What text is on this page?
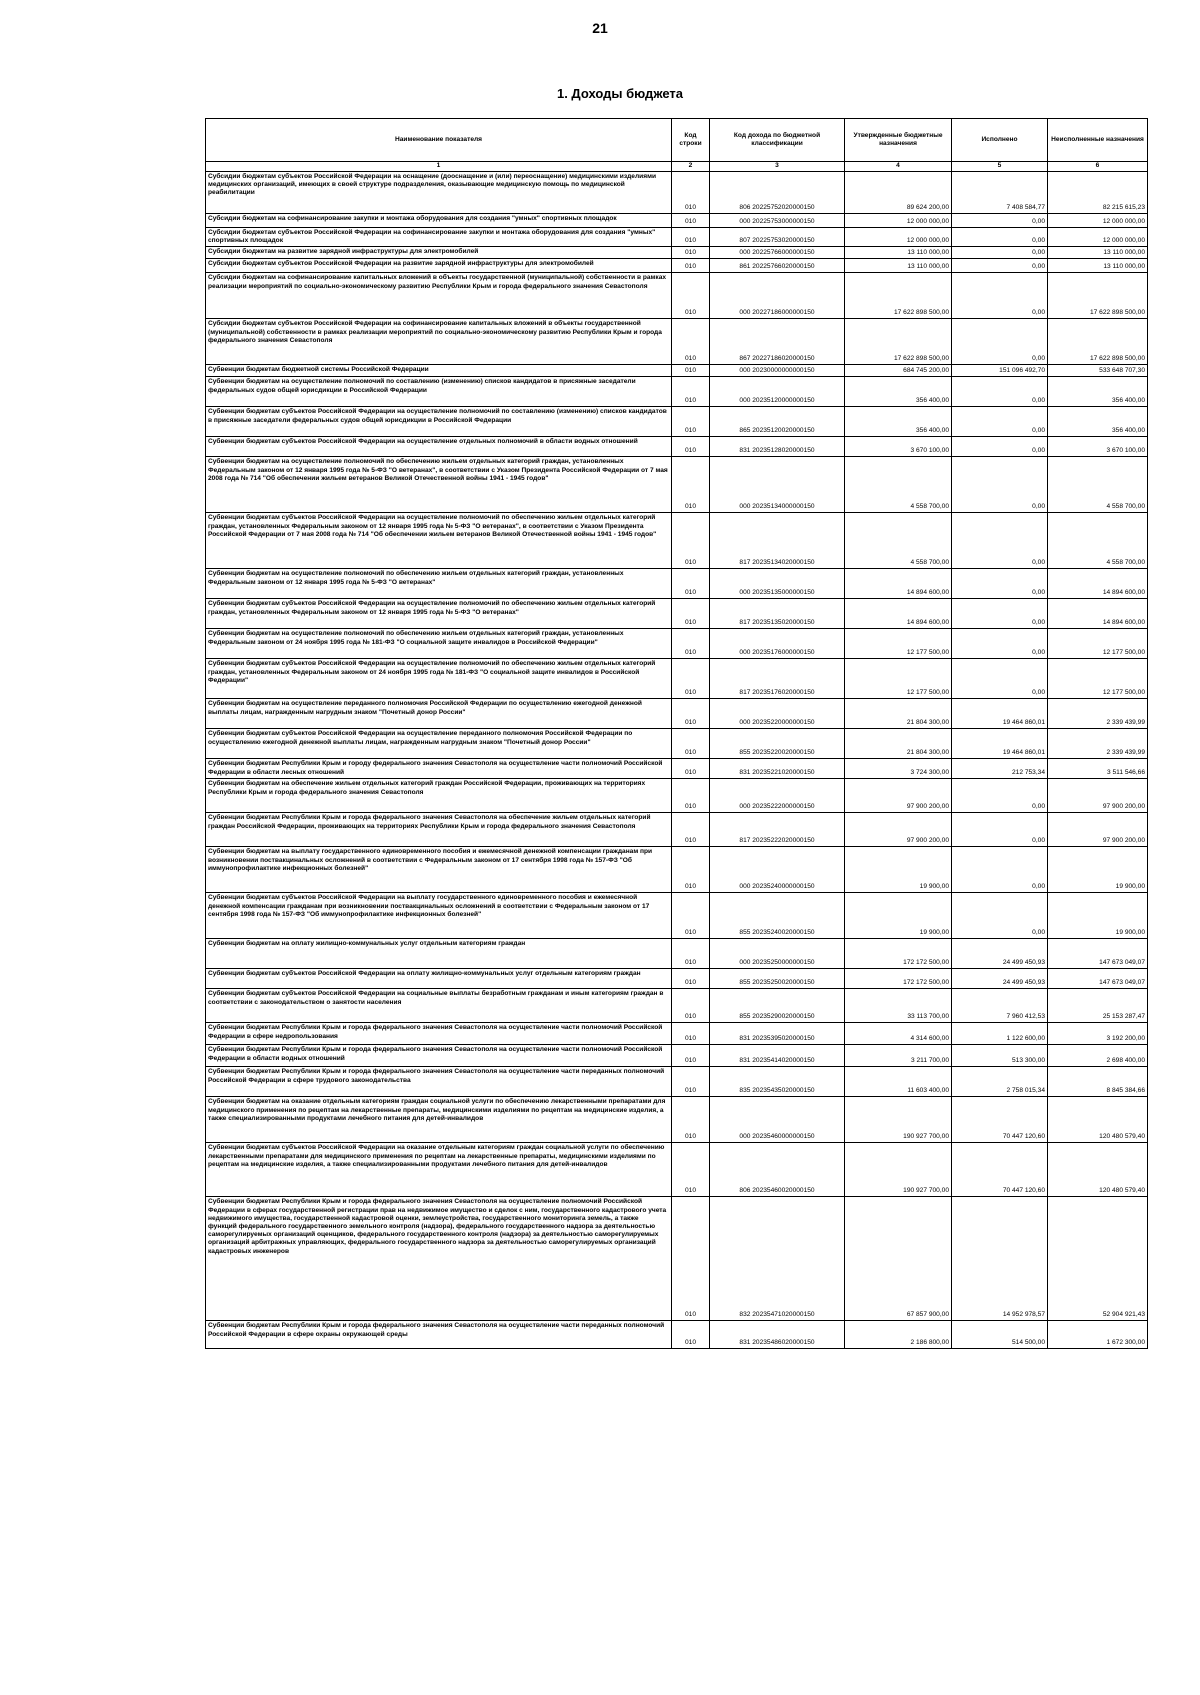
21
1. Доходы бюджета
Наименование показателя	Код строки	Код дохода по бюджетной классификации	Утвержденные бюджетные назначения	Исполнено	Неисполненные назначения
1	2	3	4	5	6
Субсидии бюджетам субъектов Российской Федерации на оснащение (дооснащение и (или) переоснащение) медицинскими изделиями медицинских организаций, имеющих в своей структуре подразделения, оказывающие медицинскую помощь по медицинской реабилитации	010	806 20225752020000150	89 624 200,00	7 408 584,77	82 215 615,23
Субсидии бюджетам на софинансирование закупки и монтажа оборудования для создания "умных" спортивных площадок	010	000 20225753000000150	12 000 000,00	0,00	12 000 000,00
Субсидии бюджетам субъектов Российской Федерации на софинансирование закупки и монтажа оборудования для создания "умных" спортивных площадок	010	807 20225753020000150	12 000 000,00	0,00	12 000 000,00
Субсидии бюджетам на развитие зарядной инфраструктуры для электромобилей	010	000 20225766000000150	13 110 000,00	0,00	13 110 000,00
Субсидии бюджетам субъектов Российской Федерации на развитие зарядной инфраструктуры для электромобилей	010	861 20225766020000150	13 110 000,00	0,00	13 110 000,00
Субсидии бюджетам на софинансирование капитальных вложений в объекты государственной (муниципальной) собственности в рамках реализации мероприятий по социально-экономическому развитию Республики Крым и города федерального значения Севастополя	010	000 20227186000000150	17 622 898 500,00	0,00	17 622 898 500,00
Субсидии бюджетам субъектов Российской Федерации на софинансирование капитальных вложений в объекты государственной (муниципальной) собственности в рамках реализации мероприятий по социально-экономическому развитию Республики Крым и города федерального значения Севастополя	010	867 20227186020000150	17 622 898 500,00	0,00	17 622 898 500,00
Субвенции бюджетам бюджетной системы Российской Федерации	010	000 20230000000000150	684 745 200,00	151 096 492,70	533 648 707,30
Субвенции бюджетам на осуществление полномочий по составлению (изменению) списков кандидатов в присяжные заседатели федеральных судов общей юрисдикции в Российской Федерации	010	000 20235120000000150	356 400,00	0,00	356 400,00
Субвенции бюджетам субъектов Российской Федерации на осуществление полномочий по составлению (изменению) списков кандидатов в присяжные заседатели федеральных судов общей юрисдикции в Российской Федерации	010	865 20235120020000150	356 400,00	0,00	356 400,00
Субвенции бюджетам субъектов Российской Федерации на осуществление отдельных полномочий в области водных отношений	010	831 20235128020000150	3 670 100,00	0,00	3 670 100,00
Субвенции бюджетам на осуществление полномочий по обеспечению жильем отдельных категорий граждан, установленных Федеральным законом от 12 января 1995 года № 5-ФЗ "О ветеранах", в соответствии с Указом Президента Российской Федерации от 7 мая 2008 года № 714 "Об обеспечении жильем ветеранов Великой Отечественной войны 1941 - 1945 годов"	010	000 20235134000000150	4 558 700,00	0,00	4 558 700,00
Субвенции бюджетам субъектов Российской Федерации на осуществление полномочий по обеспечению жильем отдельных категорий граждан, установленных Федеральным законом от 12 января 1995 года № 5-ФЗ "О ветеранах", в соответствии с Указом Президента Российской Федерации от 7 мая 2008 года № 714 "Об обеспечении жильем ветеранов Великой Отечественной войны 1941 - 1945 годов"	010	817 20235134020000150	4 558 700,00	0,00	4 558 700,00
Субвенции бюджетам на осуществление полномочий по обеспечению жильем отдельных категорий граждан, установленных Федеральным законом от 12 января 1995 года № 5-ФЗ "О ветеранах"	010	000 20235135000000150	14 894 600,00	0,00	14 894 600,00
Субвенции бюджетам субъектов Российской Федерации на осуществление полномочий по обеспечению жильем отдельных категорий граждан, установленных Федеральным законом от 12 января 1995 года № 5-ФЗ "О ветеранах"	010	817 20235135020000150	14 894 600,00	0,00	14 894 600,00
Субвенции бюджетам на осуществление полномочий по обеспечению жильем отдельных категорий граждан, установленных Федеральным законом от 24 ноября 1995 года № 181-ФЗ "О социальной защите инвалидов в Российской Федерации"	010	000 20235176000000150	12 177 500,00	0,00	12 177 500,00
Субвенции бюджетам субъектов Российской Федерации на осуществление полномочий по обеспечению жильем отдельных категорий граждан, установленных Федеральным законом от 24 ноября 1995 года № 181-ФЗ "О социальной защите инвалидов в Российской Федерации"	010	817 20235176020000150	12 177 500,00	0,00	12 177 500,00
Субвенции бюджетам на осуществление переданного полномочия Российской Федерации по осуществлению ежегодной денежной выплаты лицам, награжденным нагрудным знаком "Почетный донор России"	010	000 20235220000000150	21 804 300,00	19 464 860,01	2 339 439,99
Субвенции бюджетам субъектов Российской Федерации на осуществление переданного полномочия Российской Федерации по осуществлению ежегодной денежной выплаты лицам, награжденным нагрудным знаком "Почетный донор России"	010	855 20235220020000150	21 804 300,00	19 464 860,01	2 339 439,99
Субвенции бюджетам Республики Крым и городу федерального значения Севастополя на осуществление части полномочий Российской Федерации в области лесных отношений	010	831 20235221020000150	3 724 300,00	212 753,34	3 511 546,66
Субвенции бюджетам на обеспечение жильем отдельных категорий граждан Российской Федерации, проживающих на территориях Республики Крым и города федерального значения Севастополя	010	000 20235222000000150	97 900 200,00	0,00	97 900 200,00
Субвенции бюджетам Республики Крым и города федерального значения Севастополя на обеспечение жильем отдельных категорий граждан Российской Федерации, проживающих на территориях Республики Крым и города федерального значения Севастополя	010	817 20235222020000150	97 900 200,00	0,00	97 900 200,00
Субвенции бюджетам на выплату государственного единовременного пособия и ежемесячной денежной компенсации гражданам при возникновении поствакцинальных осложнений в соответствии с Федеральным законом от 17 сентября 1998 года № 157-ФЗ "Об иммунопрофилактике инфекционных болезней"	010	000 20235240000000150	19 900,00	0,00	19 900,00
Субвенции бюджетам субъектов Российской Федерации на выплату государственного единовременного пособия и ежемесячной денежной компенсации гражданам при возникновении поствакцинальных осложнений в соответствии с Федеральным законом от 17 сентября 1998 года № 157-ФЗ "Об иммунопрофилактике инфекционных болезней"	010	855 20235240020000150	19 900,00	0,00	19 900,00
Субвенции бюджетам на оплату жилищно-коммунальных услуг отдельным категориям граждан	010	000 20235250000000150	172 172 500,00	24 499 450,93	147 673 049,07
Субвенции бюджетам субъектов Российской Федерации на оплату жилищно-коммунальных услуг отдельным категориям граждан	010	855 20235250020000150	172 172 500,00	24 499 450,93	147 673 049,07
Субвенции бюджетам субъектов Российской Федерации на социальные выплаты безработным гражданам и иным категориям граждан в соответствии с законодательством о занятости населения	010	855 20235290020000150	33 113 700,00	7 960 412,53	25 153 287,47
Субвенции бюджетам Республики Крым и города федерального значения Севастополя на осуществление части полномочий Российской Федерации в сфере недропользования	010	831 20235395020000150	4 314 600,00	1 122 600,00	3 192 200,00
Субвенции бюджетам Республики Крым и города федерального значения Севастополя на осуществление части полномочий Российской Федерации в области водных отношений	010	831 20235414020000150	3 211 700,00	513 300,00	2 698 400,00
Субвенции бюджетам Республики Крым и города федерального значения Севастополя на осуществление части переданных полномочий Российской Федерации в сфере трудового законодательства	010	835 20235435020000150	11 603 400,00	2 758 015,34	8 845 384,66
Субвенции бюджетам на оказание отдельным категориям граждан социальной услуги по обеспечению лекарственными препаратами для медицинского применения по рецептам на лекарственные препараты, медицинскими изделиями по рецептам на медицинские изделия, а также специализированными продуктами лечебного питания для детей-инвалидов	010	000 20235460000000150	190 927 700,00	70 447 120,60	120 480 579,40
Субвенции бюджетам субъектов Российской Федерации на оказание отдельным категориям граждан социальной услуги по обеспечению лекарственными препаратами для медицинского применения по рецептам на лекарственные препараты, медицинскими изделиями по рецептам на медицинские изделия, а также специализированными продуктами лечебного питания для детей-инвалидов	010	806 20235460020000150	190 927 700,00	70 447 120,60	120 480 579,40
Субвенции бюджетам Республики Крым и города федерального значения Севастополя на осуществление полномочий Российской Федерации в сферах государственной регистрации прав на недвижимое имущество и сделок с ним, государственного кадастрового учета недвижимого имущества, государственной кадастровой оценки, землеустройства, государственного мониторинга земель, а также функций федерального государственного земельного контроля (надзора), федерального государственного надзора за деятельностью саморегулируемых организаций оценщиков, федерального государственного контроля (надзора) за деятельностью саморегулируемых организаций арбитражных управляющих, федерального государственного надзора за деятельностью саморегулируемых организаций кадастровых инженеров	010	832 20235471020000150	67 857 900,00	14 952 978,57	52 904 921,43
Субвенции бюджетам Республики Крым и города федерального значения Севастополя на осуществление части переданных полномочий Российской Федерации в сфере охраны окружающей среды	010	831 20235486020000150	2 186 800,00	514 500,00	1 672 300,00
